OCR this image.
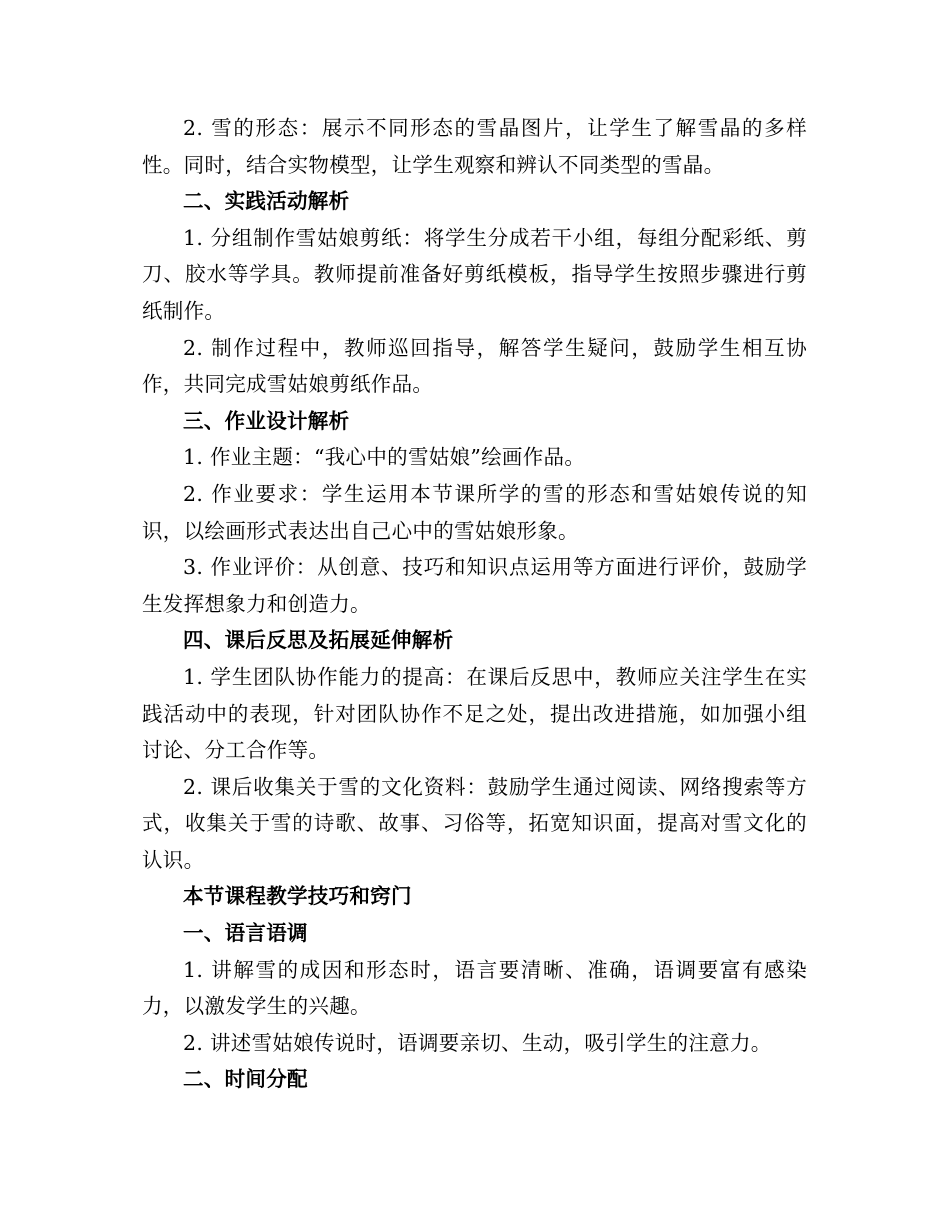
2. 雪的形态：展示不同形态的雪晶图片，让学生了解雪晶的多样性。同时，结合实物模型，让学生观察和辨认不同类型的雪晶。

二、实践活动解析

1. 分组制作雪姑娘剪纸：将学生分成若干小组，每组分配彩纸、剪刀、胶水等学具。教师提前准备好剪纸模板，指导学生按照步骤进行剪纸制作。

2. 制作过程中，教师巡回指导，解答学生疑问，鼓励学生相互协作，共同完成雪姑娘剪纸作品。

三、作业设计解析

1. 作业主题：“我心中的雪姑娘”绘画作品。

2. 作业要求：学生运用本节课所学的雪的形态和雪姑娘传说的知识，以绘画形式表达出自己心中的雪姑娘形象。

3. 作业评价：从创意、技巧和知识点运用等方面进行评价，鼓励学生发挥想象力和创造力。

四、课后反思及拓展延伸解析

1. 学生团队协作能力的提高：在课后反思中，教师应关注学生在实践活动中的表现，针对团队协作不足之处，提出改进措施，如加强小组讨论、分工合作等。

2. 课后收集关于雪的文化资料：鼓励学生通过阅读、网络搜索等方式，收集关于雪的诗歌、故事、习俗等，拓宽知识面，提高对雪文化的认识。

本节课程教学技巧和窍门

一、语言语调

1. 讲解雪的成因和形态时，语言要清晰、准确，语调要富有感染力，以激发学生的兴趣。

2. 讲述雪姑娘传说时，语调要亲切、生动，吸引学生的注意力。

二、时间分配
